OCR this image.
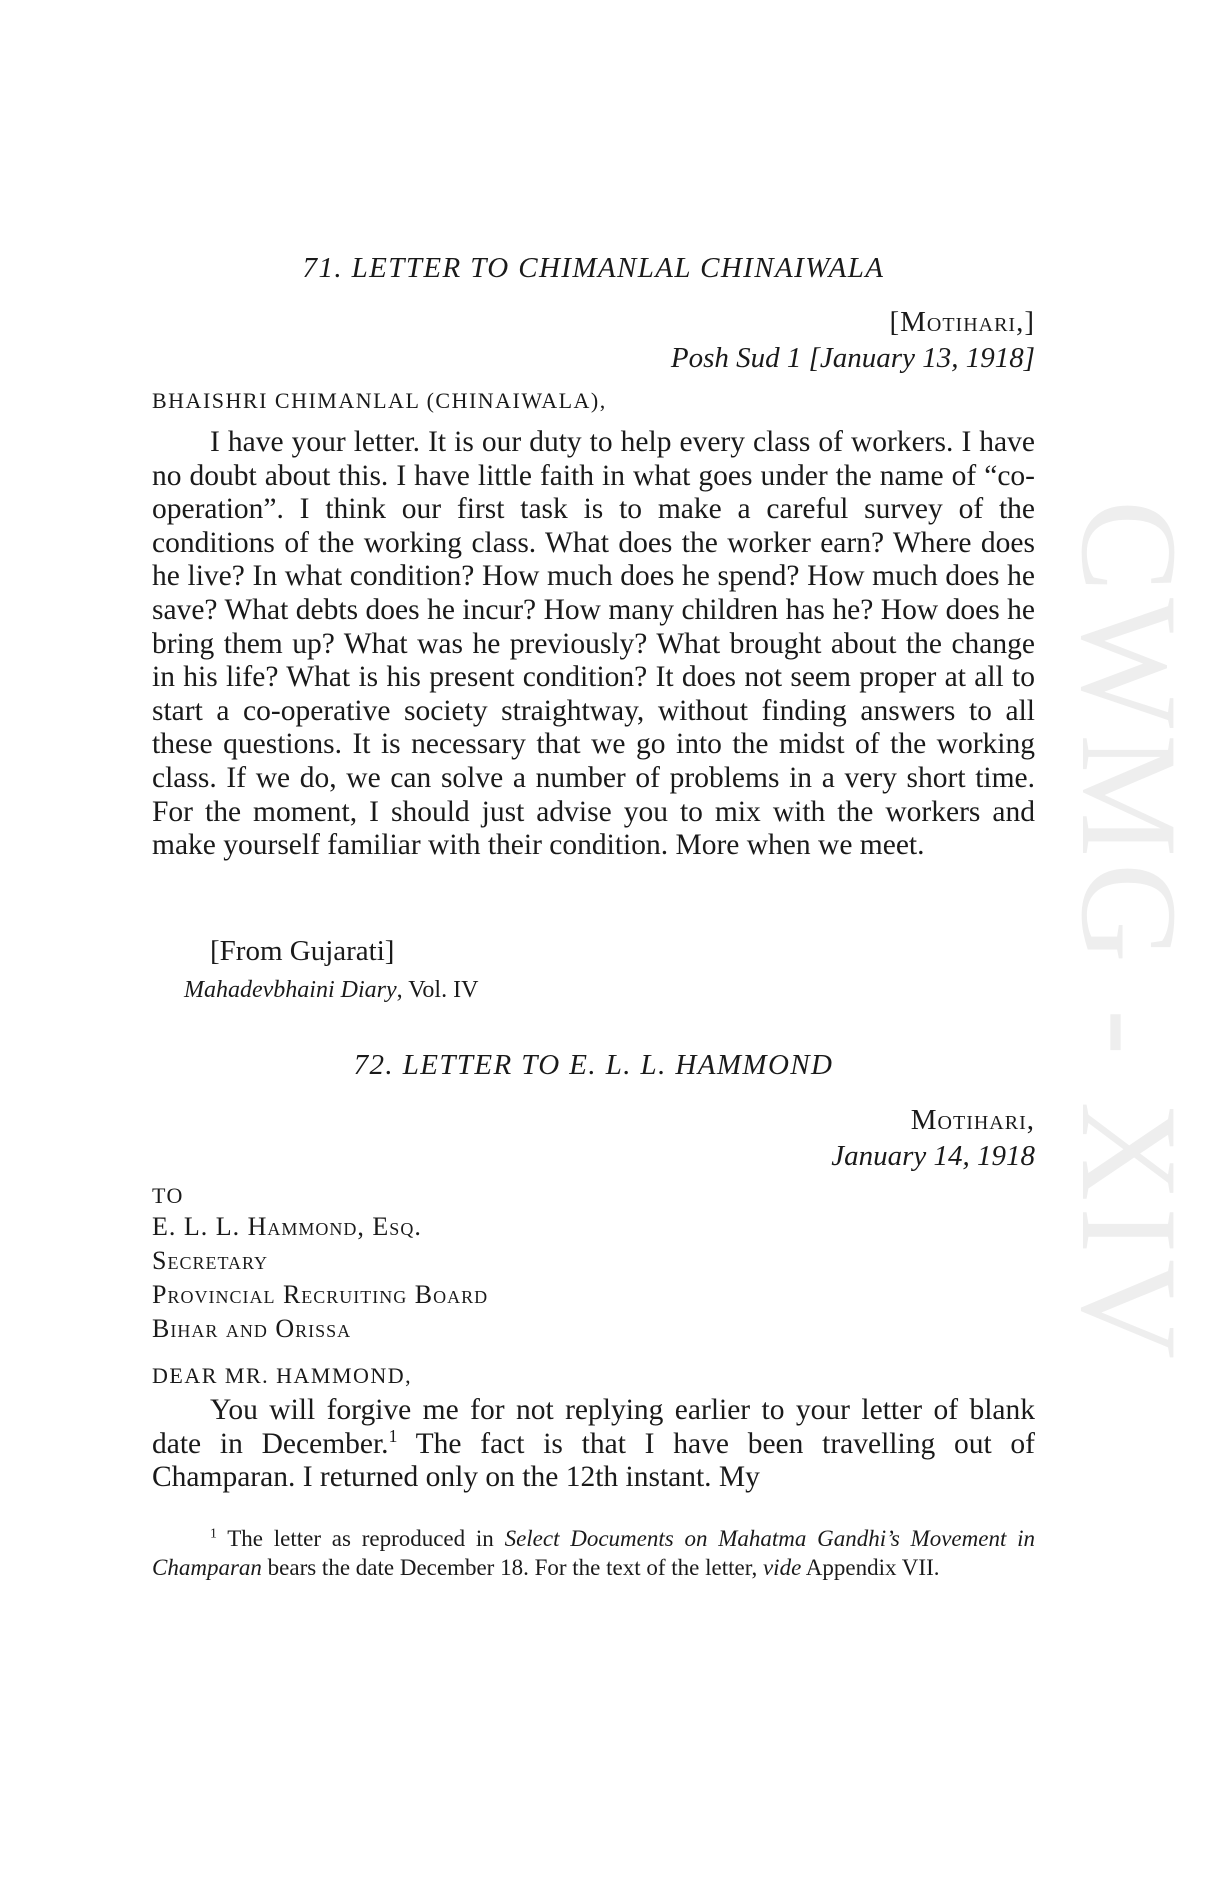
CWMG - XIV
71. LETTER TO CHIMANLAL CHINAIWALA
[Motihari,]
Posh Sud 1 [January 13, 1918]
BHAISHRI CHIMANLAL (CHINAIWALA),

I have your letter. It is our duty to help every class of workers. I have no doubt about this. I have little faith in what goes under the name of “co-operation”. I think our first task is to make a careful survey of the conditions of the working class. What does the worker earn? Where does he live? In what condition? How much does he spend? How much does he save? What debts does he incur? How many children has he? How does he bring them up? What was he previously? What brought about the change in his life? What is his present condition? It does not seem proper at all to start a co-operative society straightway, without finding answers to all these questions. It is necessary that we go into the midst of the working class. If we do, we can solve a number of problems in a very short time. For the moment, I should just advise you to mix with the workers and make yourself familiar with their condition. More when we meet.

[From Gujarati]
Mahadevbhaini Diary, Vol. IV
72. LETTER TO E. L. L. HAMMOND
Motihari,
January 14, 1918
TO
E. L. L. Hammond, Esq.
Secretary
Provincial Recruiting Board
Bihar and Orissa
DEAR MR. HAMMOND,

You will forgive me for not replying earlier to your letter of blank date in December.$^1$ The fact is that I have been travelling out of Champaran. I returned only on the 12th instant. My

$^1$ The letter as reproduced in Select Documents on Mahatma Gandhi’s Movement in Champaran bears the date December 18. For the text of the letter, vide Appendix VII.
